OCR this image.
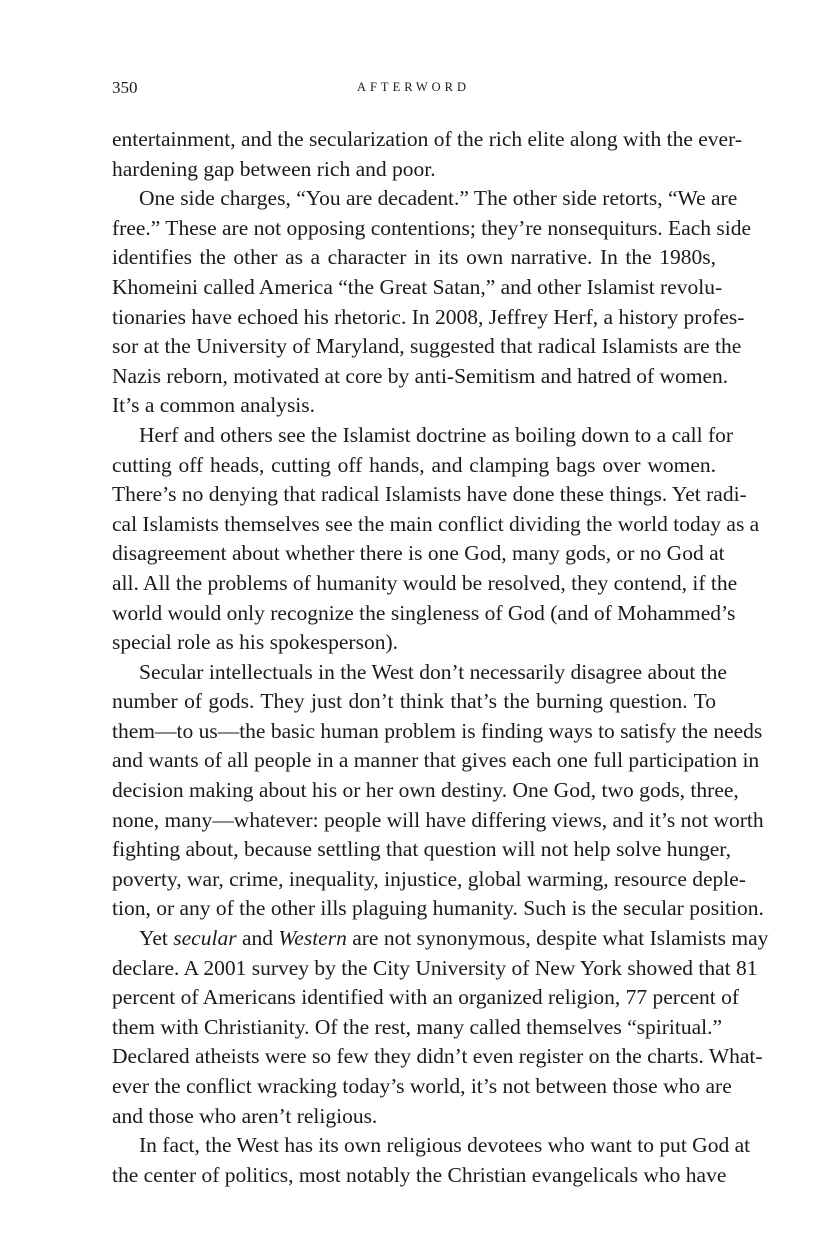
350	AFTERWORD
entertainment, and the secularization of the rich elite along with the ever-
hardening gap between rich and poor.
One side charges, “You are decadent.” The other side retorts, “We are
free.” These are not opposing contentions; they’re nonsequiturs. Each side
identifies the other as a character in its own narrative. In the 1980s,
Khomeini called America “the Great Satan,” and other Islamist revolu-
tionaries have echoed his rhetoric. In 2008, Jeffrey Herf, a history profes-
sor at the University of Maryland, suggested that radical Islamists are the
Nazis reborn, motivated at core by anti-Semitism and hatred of women.
It’s a common analysis.
Herf and others see the Islamist doctrine as boiling down to a call for
cutting off heads, cutting off hands, and clamping bags over women.
There’s no denying that radical Islamists have done these things. Yet radi-
cal Islamists themselves see the main conflict dividing the world today as a
disagreement about whether there is one God, many gods, or no God at
all. All the problems of humanity would be resolved, they contend, if the
world would only recognize the singleness of God (and of Mohammed’s
special role as his spokesperson).
Secular intellectuals in the West don’t necessarily disagree about the
number of gods. They just don’t think that’s the burning question. To
them—to us—the basic human problem is finding ways to satisfy the needs
and wants of all people in a manner that gives each one full participation in
decision making about his or her own destiny. One God, two gods, three,
none, many—whatever: people will have differing views, and it’s not worth
fighting about, because settling that question will not help solve hunger,
poverty, war, crime, inequality, injustice, global warming, resource deple-
tion, or any of the other ills plaguing humanity. Such is the secular position.
Yet secular and Western are not synonymous, despite what Islamists may
declare. A 2001 survey by the City University of New York showed that 81
percent of Americans identified with an organized religion, 77 percent of
them with Christianity. Of the rest, many called themselves “spiritual.”
Declared atheists were so few they didn’t even register on the charts. What-
ever the conflict wracking today’s world, it’s not between those who are
and those who aren’t religious.
In fact, the West has its own religious devotees who want to put God at
the center of politics, most notably the Christian evangelicals who have
